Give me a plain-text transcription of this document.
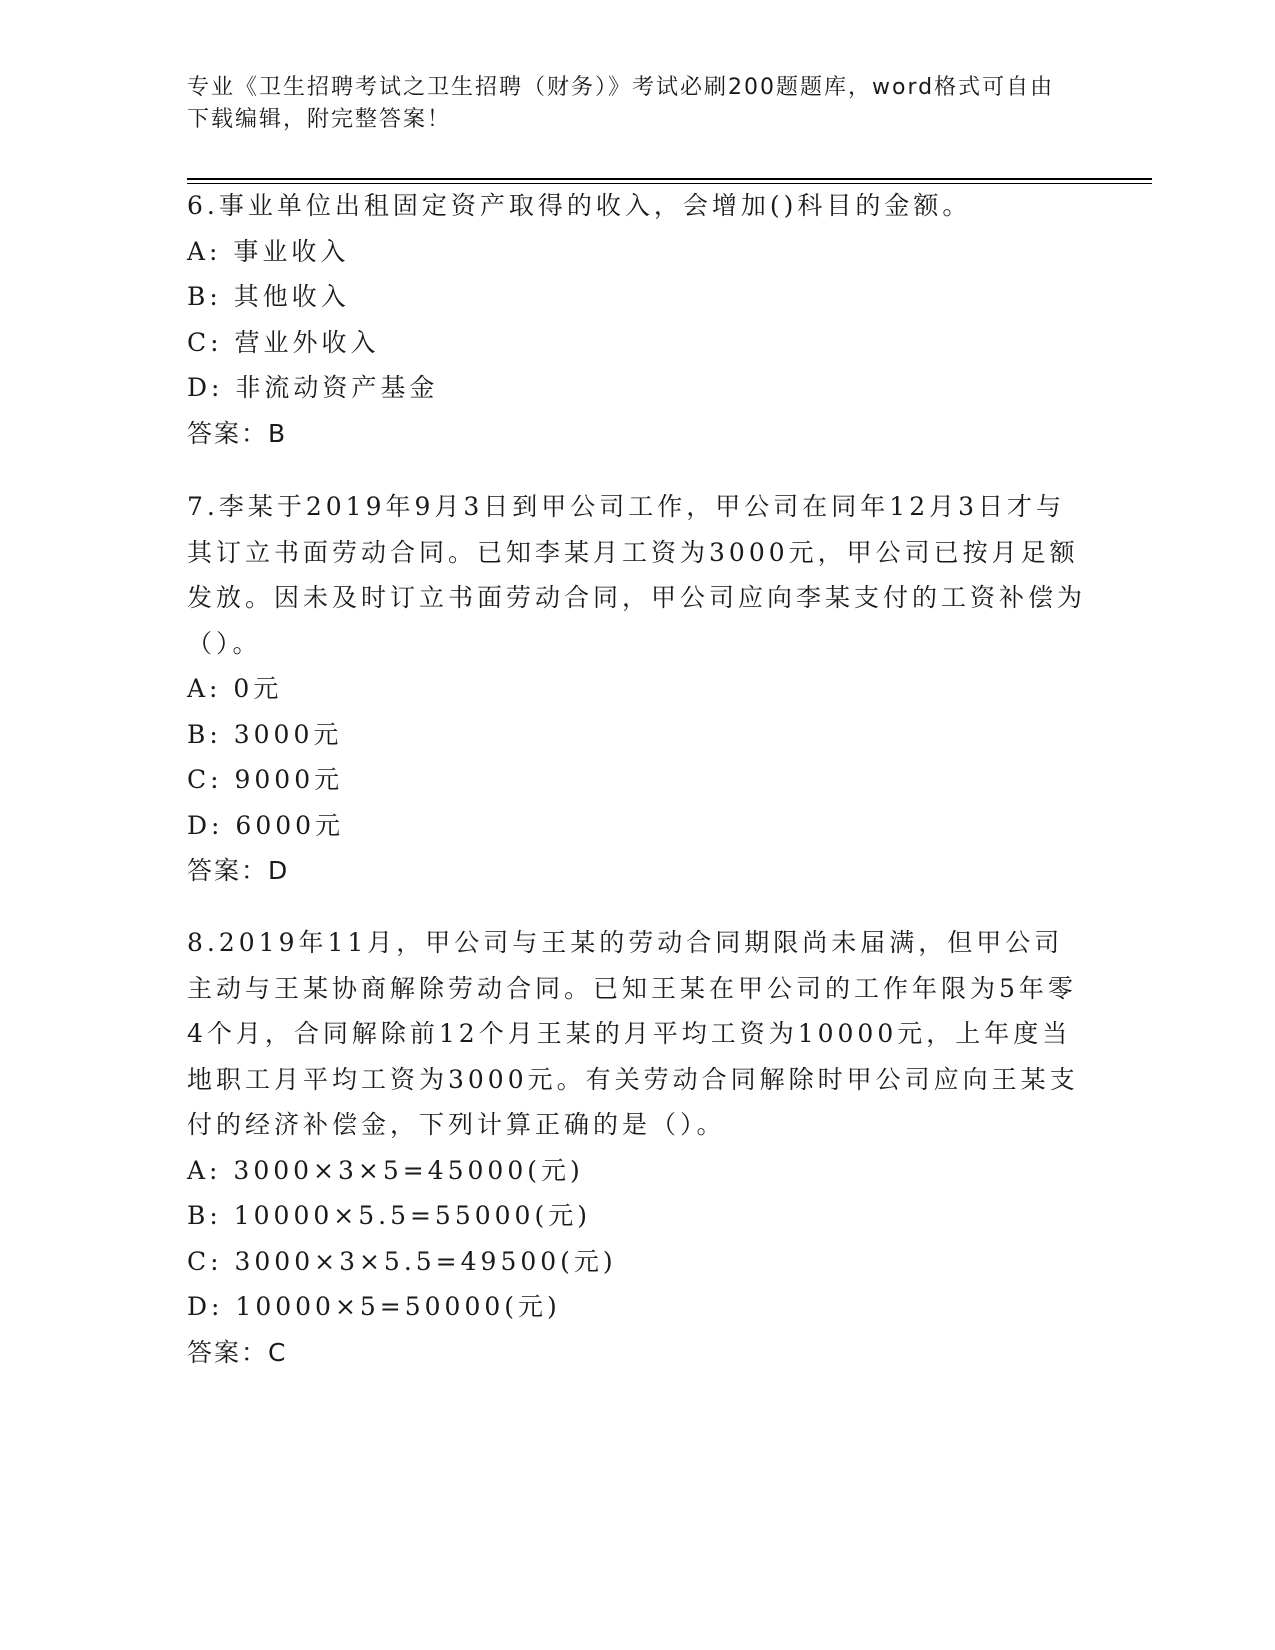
专业《卫生招聘考试之卫生招聘（财务）》考试必刷200题题库，word格式可自由下载编辑，附完整答案！

6.事业单位出租固定资产取得的收入，会增加()科目的金额。

A: 事业收入
B: 其他收入
C: 营业外收入
D: 非流动资产基金
答案：B

7.李某于2019年9月3日到甲公司工作，甲公司在同年12月3日才与其订立书面劳动合同。已知李某月工资为3000元，甲公司已按月足额发放。因未及时订立书面劳动合同，甲公司应向李某支付的工资补偿为（）。

A: 0元
B: 3000元
C: 9000元
D: 6000元
答案：D

8.2019年11月，甲公司与王某的劳动合同期限尚未届满，但甲公司主动与王某协商解除劳动合同。已知王某在甲公司的工作年限为5年零4个月，合同解除前12个月王某的月平均工资为10000元，上年度当地职工月平均工资为3000元。有关劳动合同解除时甲公司应向王某支付的经济补偿金，下列计算正确的是（）。

A: 3000×3×5=45000(元)
B: 10000×5.5=55000(元)
C: 3000×3×5.5=49500(元)
D: 10000×5=50000(元)
答案：C
